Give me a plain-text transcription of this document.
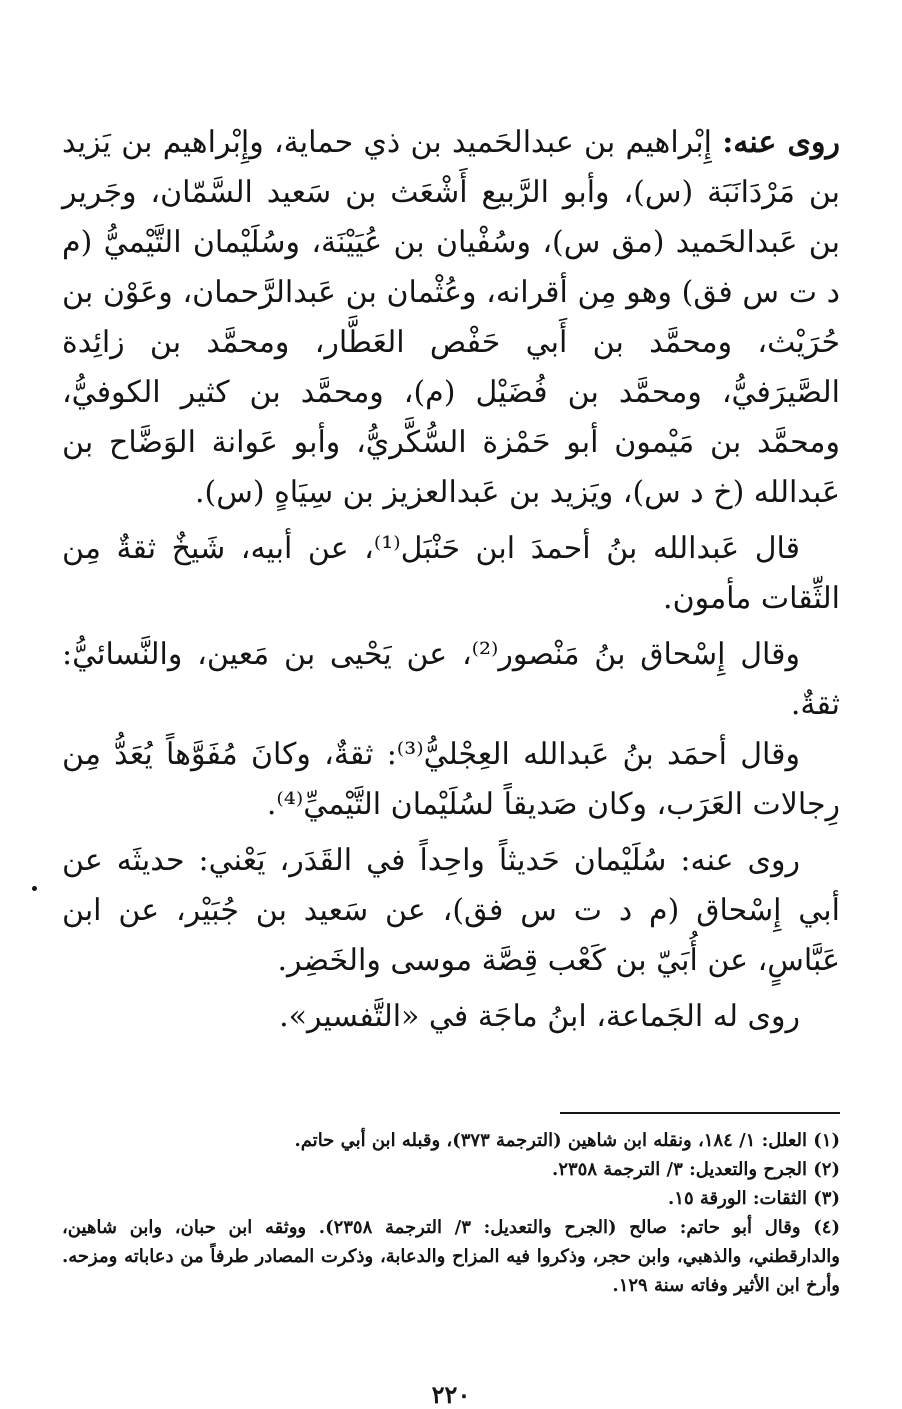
روى عنه: إِبْراهيم بن عبدالحَميد بن ذي حماية، وإِبْراهيم بن يَزيد بن مَرْدَانَبَة (س)، وأبو الرَّبيع أَشْعَث بن سَعيد السَّمّان، وجَرير بن عَبدالحَميد (مق س)، وسُفْيان بن عُيَيْنَة، وسُلَيْمان التَّيْميُّ (م د ت س فق) وهو مِن أقرانه، وعُثْمان بن عَبدالرَّحمان، وعَوْن بن حُرَيْث، ومحمَّد بن أَبي حَفْص العَطَّار، ومحمَّد بن زائِدة الصَّيرَفيُّ، ومحمَّد بن فُضَيْل (م)، ومحمَّد بن كثير الكوفيُّ، ومحمَّد بن مَيْمون أبو حَمْزة السُّكَّريُّ، وأبو عَوانة الوَضَّاح بن عَبدالله (خ د س)، ويَزيد بن عَبدالعزيز بن سِيَاهٍ (س).

قال عَبدالله بنُ أحمدَ ابن حَنْبَل⁽¹⁾، عن أبيه، شَيخٌ ثقةٌ مِن الثِّقات مأمون.

وقال إِسْحاق بنُ مَنْصور⁽²⁾، عن يَحْيى بن مَعين، والنَّسائيُّ: ثقةٌ.

وقال أحمَد بنُ عَبدالله العِجْليُّ⁽³⁾: ثقةٌ، وكانَ مُفَوَّهاً يُعَدُّ مِن رِجالات العَرَب، وكان صَديقاً لسُلَيْمان التَّيْميِّ⁽⁴⁾.

روى عنه: سُلَيْمان حَديثاً واحِداً في القَدَر، يَعْني: حديثَه عن أبي إِسْحاق (م د ت س فق)، عن سَعيد بن جُبَيْر، عن ابن عَبَّاسٍ، عن أُبَيّ بن كَعْب قِصَّة موسى والخَضِر.

روى له الجَماعة، ابنُ ماجَة في «التَّفسير».

(١) العلل: ١/ ١٨٤، ونقله ابن شاهين (الترجمة ٣٧٣)، وقبله ابن أبي حاتم.

(٢) الجرح والتعديل: ٣/ الترجمة ٢٣٥٨.

(٣) الثقات: الورقة ١٥.

(٤) وقال أبو حاتم: صالح (الجرح والتعديل: ٣/ الترجمة ٢٣٥٨). ووثقه ابن حبان، وابن شاهين، والدارقطني، والذهبي، وابن حجر، وذكروا فيه المزاح والدعابة، وذكرت المصادر طرفاً من دعاباته ومزحه. وأرخ ابن الأثير وفاته سنة ١٢٩.

٢٢٠
